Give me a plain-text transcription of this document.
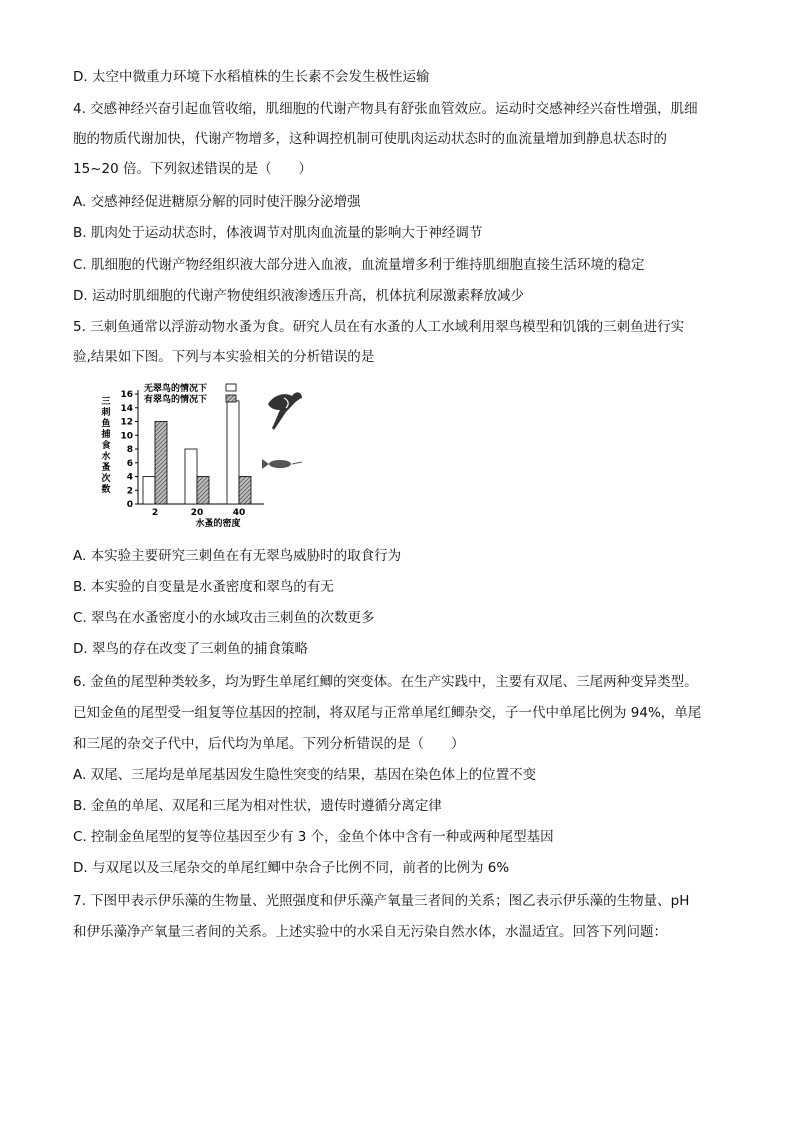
D. 太空中微重力环境下水稻植株的生长素不会发生极性运输
4. 交感神经兴奋引起血管收缩，肌细胞的代谢产物具有舒张血管效应。运动时交感神经兴奋性增强，肌细
胞的物质代谢加快，代谢产物增多，这种调控机制可使肌肉运动状态时的血流量增加到静息状态时的
15~20 倍。下列叙述错误的是（　　）
A. 交感神经促进糖原分解的同时使汗腺分泌增强
B. 肌肉处于运动状态时，体液调节对肌肉血流量的影响大于神经调节
C. 肌细胞的代谢产物经组织液大部分进入血液，血流量增多利于维持肌细胞直接生活环境的稳定
D. 运动时肌细胞的代谢产物使组织液渗透压升高，机体抗利尿激素释放减少
5. 三刺鱼通常以浮游动物水蚤为食。研究人员在有水蚤的人工水域利用翠鸟模型和饥饿的三刺鱼进行实
验,结果如下图。下列与本实验相关的分析错误的是
三
刺
鱼
捕
食
水
蚤
次
数
0
2
4
6
8
10
12
14
16
2	20	40
水蚤的密度
无翠鸟的情况下
有翠鸟的情况下
A. 本实验主要研究三刺鱼在有无翠鸟威胁时的取食行为
B. 本实验的自变量是水蚤密度和翠鸟的有无
C. 翠鸟在水蚤密度小的水域攻击三刺鱼的次数更多
D. 翠鸟的存在改变了三刺鱼的捕食策略
6. 金鱼的尾型种类较多，均为野生单尾红鲫的突变体。在生产实践中，主要有双尾、三尾两种变异类型。
已知金鱼的尾型受一组复等位基因的控制，将双尾与正常单尾红鲫杂交，子一代中单尾比例为 94%，单尾
和三尾的杂交子代中，后代均为单尾。下列分析错误的是（　　）
A. 双尾、三尾均是单尾基因发生隐性突变的结果，基因在染色体上的位置不变
B. 金鱼的单尾、双尾和三尾为相对性状，遗传时遵循分离定律
C. 控制金鱼尾型的复等位基因至少有 3 个，金鱼个体中含有一种或两种尾型基因
D. 与双尾以及三尾杂交的单尾红鲫中杂合子比例不同，前者的比例为 6%
7. 下图甲表示伊乐藻的生物量、光照强度和伊乐藻产氧量三者间的关系；图乙表示伊乐藻的生物量、pH
和伊乐藻净产氧量三者间的关系。上述实验中的水采自无污染自然水体，水温适宜。回答下列问题：
